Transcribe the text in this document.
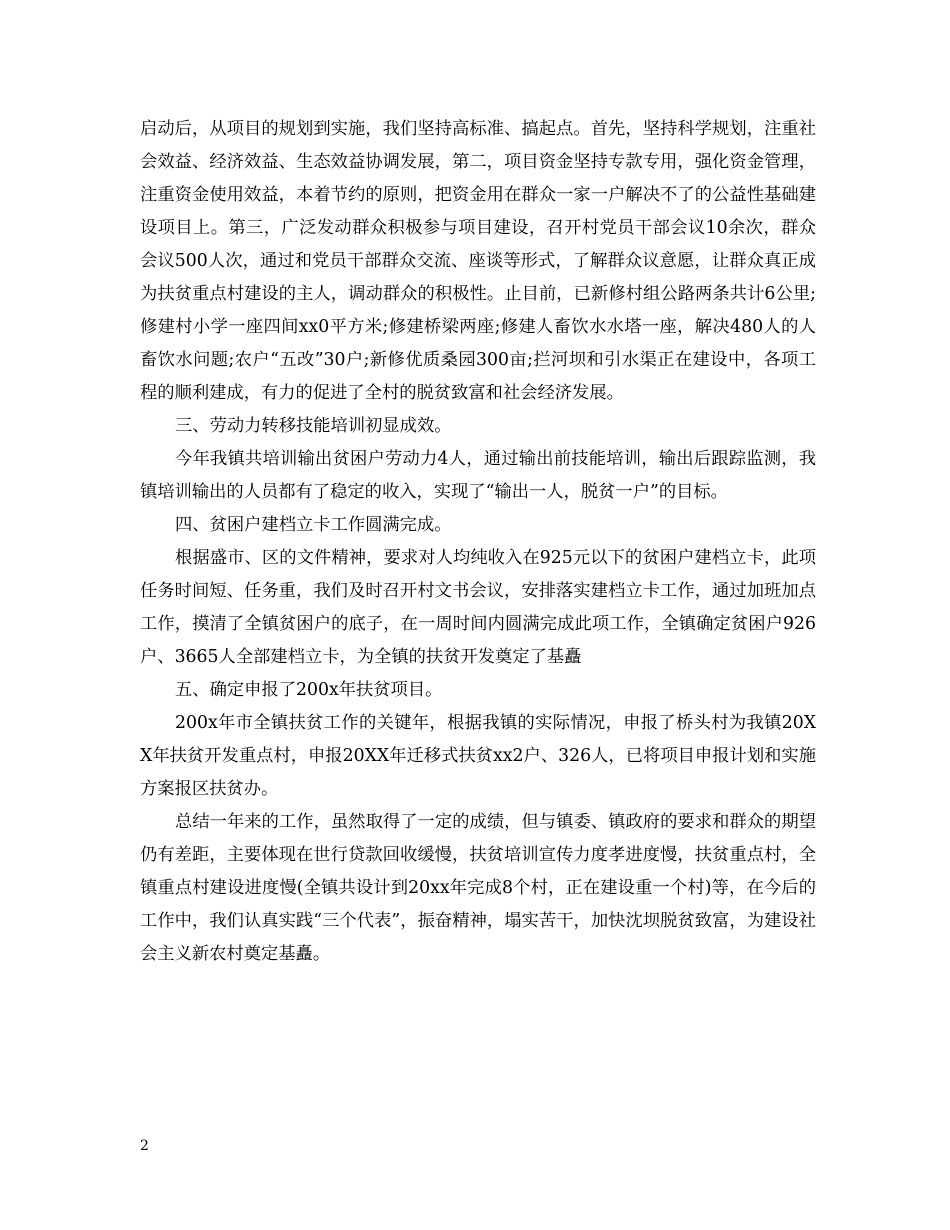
启动后，从项目的规划到实施，我们坚持高标准、搞起点。首先，坚持科学规划，注重社会效益、经济效益、生态效益协调发展，第二，项目资金坚持专款专用，强化资金管理，注重资金使用效益，本着节约的原则，把资金用在群众一家一户解决不了的公益性基础建设项目上。第三，广泛发动群众积极参与项目建设，召开村党员干部会议10余次，群众会议500人次，通过和党员干部群众交流、座谈等形式，了解群众议意愿，让群众真正成为扶贫重点村建设的主人，调动群众的积极性。止目前，已新修村组公路两条共计6公里;修建村小学一座四间xx0平方米;修建桥梁两座;修建人畜饮水水塔一座，解决480人的人畜饮水问题;农户“五改”30户;新修优质桑园300亩;拦河坝和引水渠正在建设中，各项工程的顺利建成，有力的促进了全村的脱贫致富和社会经济发展。

三、劳动力转移技能培训初显成效。

今年我镇共培训输出贫困户劳动力4人，通过输出前技能培训，输出后跟踪监测，我镇培训输出的人员都有了稳定的收入，实现了“输出一人，脱贫一户”的目标。

四、贫困户建档立卡工作圆满完成。

根据盛市、区的文件精神，要求对人均纯收入在925元以下的贫困户建档立卡，此项任务时间短、任务重，我们及时召开村文书会议，安排落实建档立卡工作，通过加班加点工作，摸清了全镇贫困户的底子，在一周时间内圆满完成此项工作，全镇确定贫困户926户、3665人全部建档立卡，为全镇的扶贫开发奠定了基矗

五、确定申报了200x年扶贫项目。

200x年市全镇扶贫工作的关键年，根据我镇的实际情况，申报了桥头村为我镇20XX年扶贫开发重点村，申报20XX年迁移式扶贫xx2户、326人，已将项目申报计划和实施方案报区扶贫办。

总结一年来的工作，虽然取得了一定的成绩，但与镇委、镇政府的要求和群众的期望仍有差距，主要体现在世行贷款回收缓慢，扶贫培训宣传力度孝进度慢，扶贫重点村，全镇重点村建设进度慢(全镇共设计到20xx年完成8个村，正在建设重一个村)等，在今后的工作中，我们认真实践“三个代表”，振奋精神，塌实苦干，加快沈坝脱贫致富，为建设社会主义新农村奠定基矗。

2
